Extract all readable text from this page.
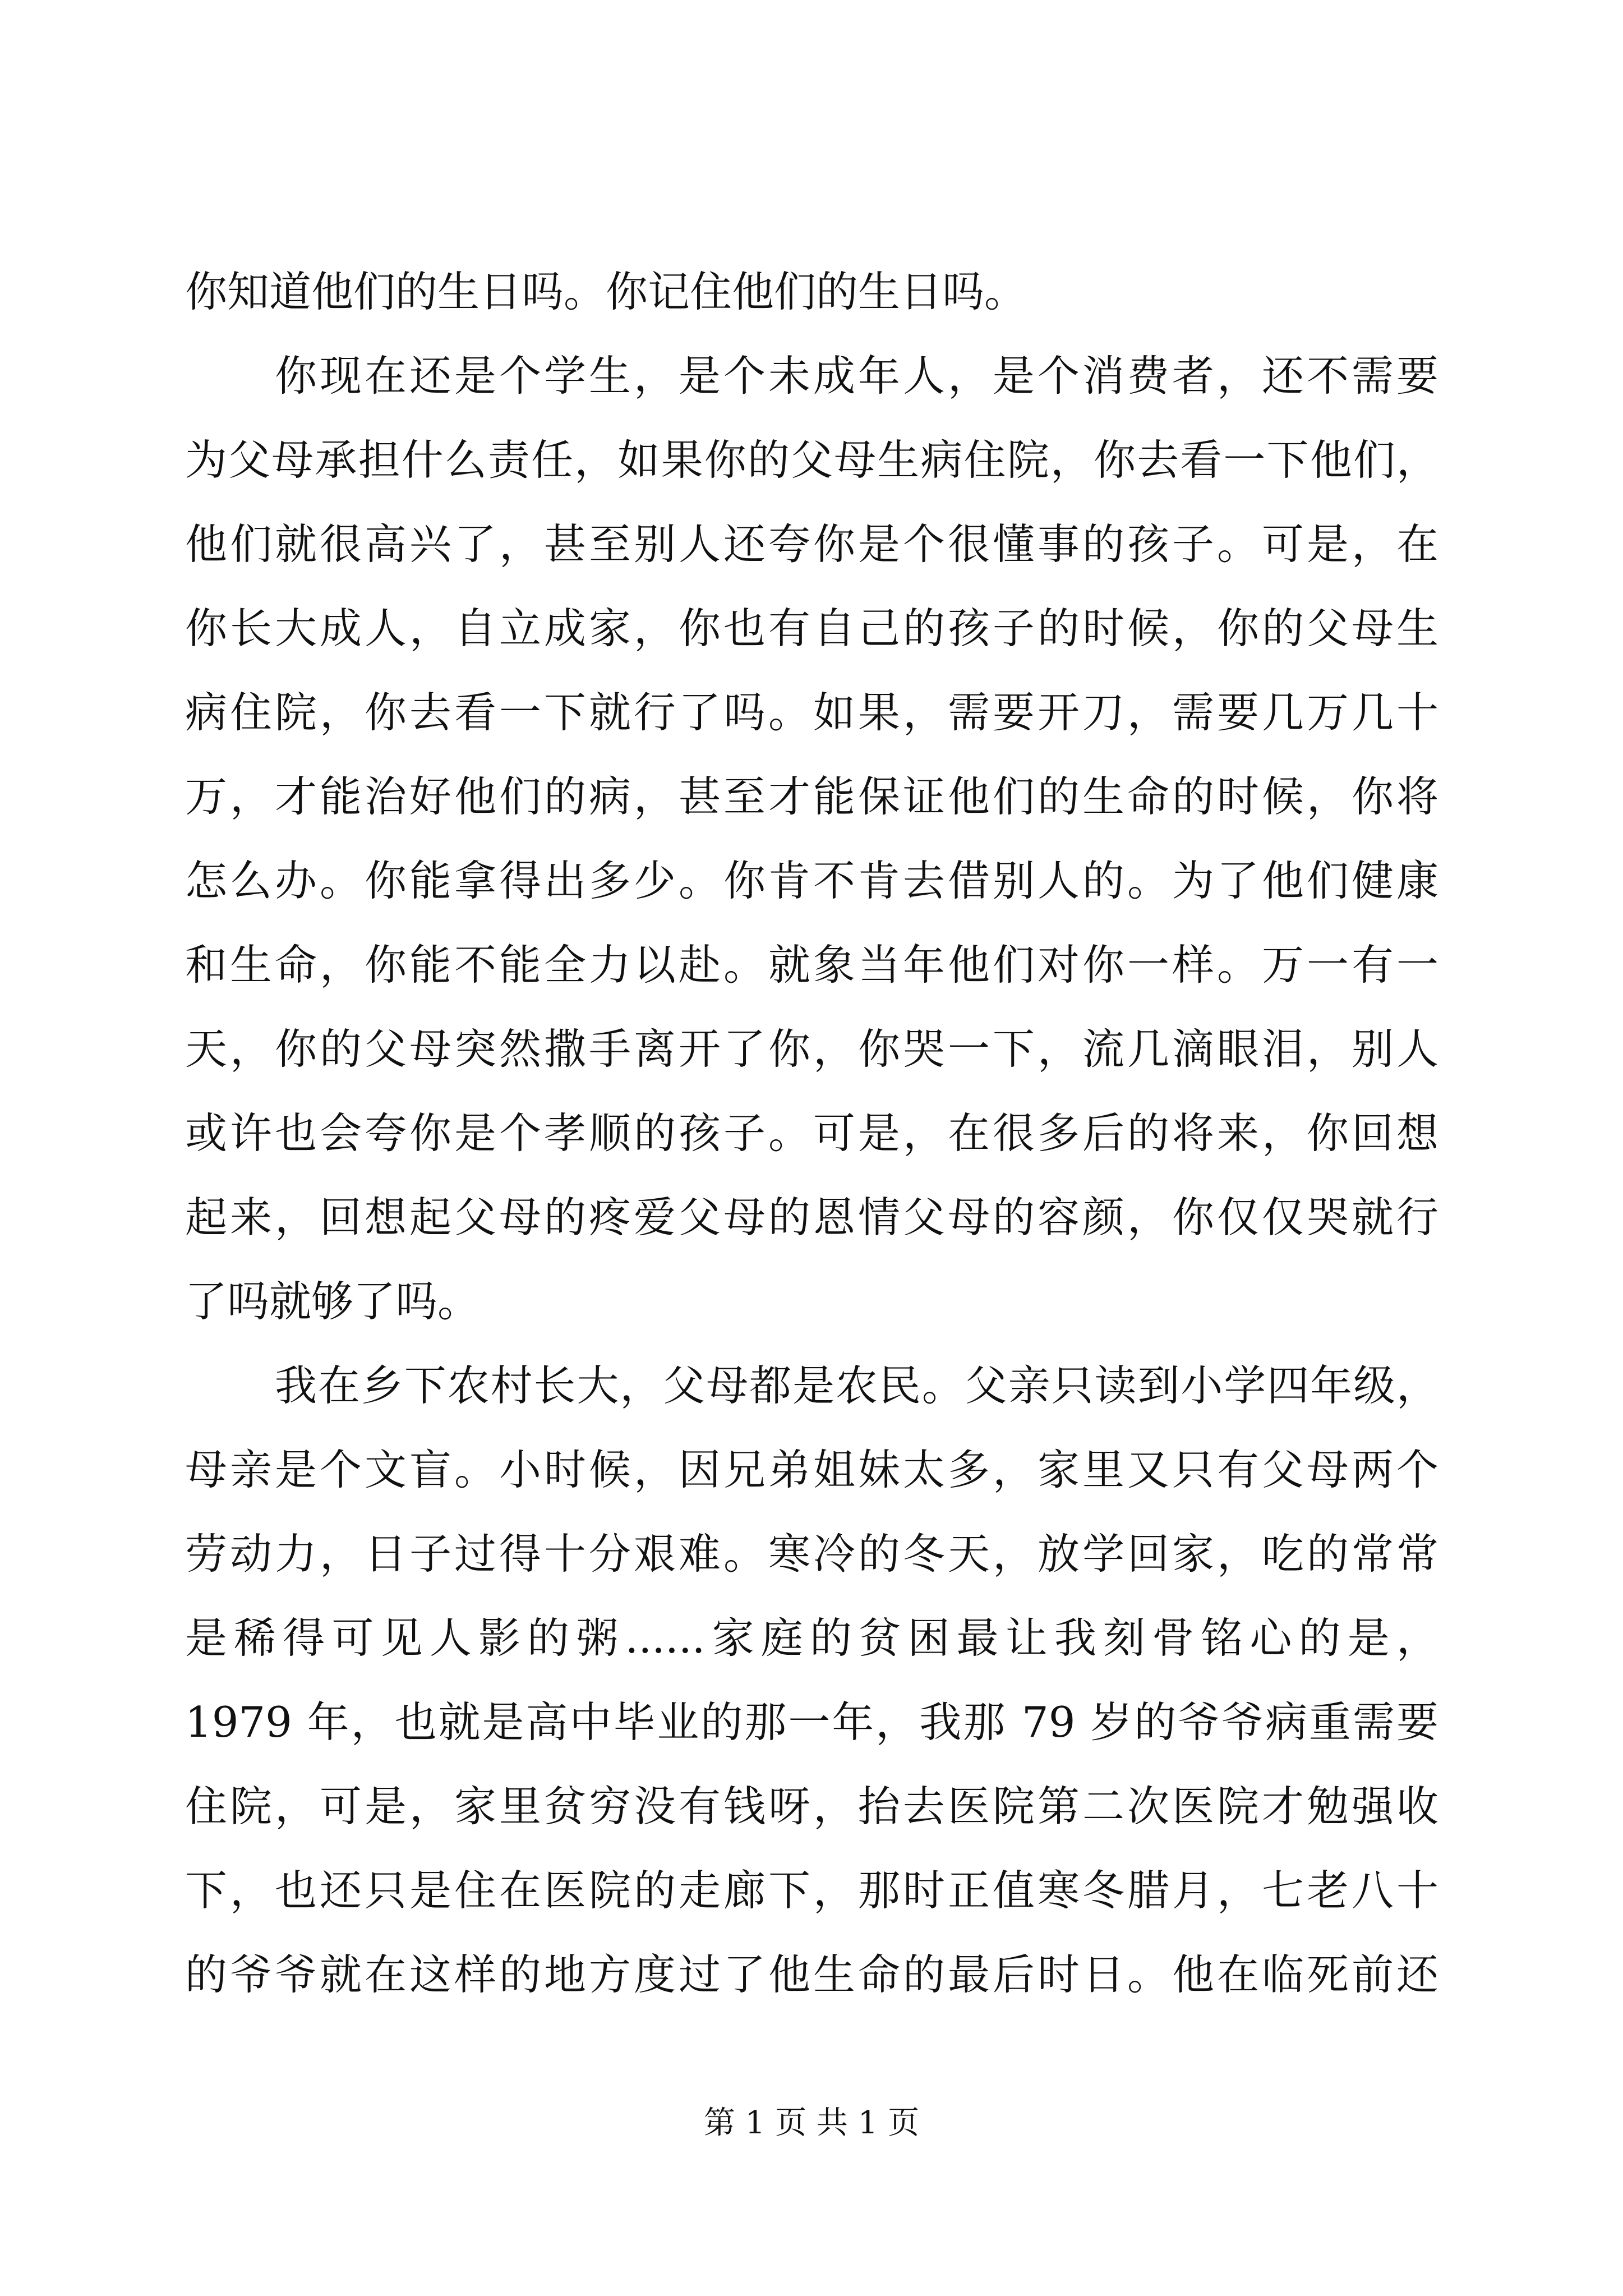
你知道他们的生日吗。你记住他们的生日吗。
你现在还是个学生，是个未成年人，是个消费者，还不需要
为父母承担什么责任，如果你的父母生病住院，你去看一下他们，
他们就很高兴了，甚至别人还夸你是个很懂事的孩子。可是，在
你长大成人，自立成家，你也有自己的孩子的时候，你的父母生
病住院，你去看一下就行了吗。如果，需要开刀，需要几万几十
万，才能治好他们的病，甚至才能保证他们的生命的时候，你将
怎么办。你能拿得出多少。你肯不肯去借别人的。为了他们健康
和生命，你能不能全力以赴。就象当年他们对你一样。万一有一
天，你的父母突然撒手离开了你，你哭一下，流几滴眼泪，别人
或许也会夸你是个孝顺的孩子。可是，在很多后的将来，你回想
起来，回想起父母的疼爱父母的恩情父母的容颜，你仅仅哭就行
了吗就够了吗。
我在乡下农村长大，父母都是农民。父亲只读到小学四年级，
母亲是个文盲。小时候，因兄弟姐妹太多，家里又只有父母两个
劳动力，日子过得十分艰难。寒冷的冬天，放学回家，吃的常常
是稀得可见人影的粥......家庭的贫困最让我刻骨铭心的是，
1979 年，也就是高中毕业的那一年，我那 79 岁的爷爷病重需要
住院，可是，家里贫穷没有钱呀，抬去医院第二次医院才勉强收
下，也还只是住在医院的走廊下，那时正值寒冬腊月，七老八十
的爷爷就在这样的地方度过了他生命的最后时日。他在临死前还
第 1 页 共 1 页
